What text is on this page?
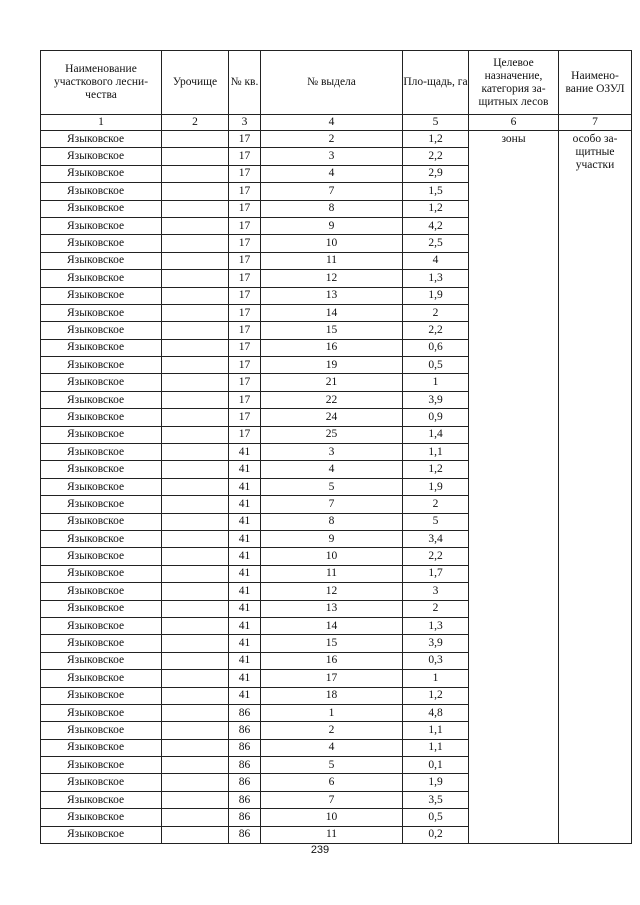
Наименование участкового лесни-чества	Урочище	№ кв.	№ выдела	Пло-щадь, га	Целевое назначение, категория за-щитных лесов	Наимено-вание ОЗУЛ
1	2	3	4	5	6	7
Языковское		17	2	1,2	зоны	особо за-щитные участки
Языковское		17	3	2,2		
Языковское		17	4	2,9		
Языковское		17	7	1,5		
Языковское		17	8	1,2		
Языковское		17	9	4,2		
Языковское		17	10	2,5		
Языковское		17	11	4		
Языковское		17	12	1,3		
Языковское		17	13	1,9		
Языковское		17	14	2		
Языковское		17	15	2,2		
Языковское		17	16	0,6		
Языковское		17	19	0,5		
Языковское		17	21	1		
Языковское		17	22	3,9		
Языковское		17	24	0,9		
Языковское		17	25	1,4		
Языковское		41	3	1,1		
Языковское		41	4	1,2		
Языковское		41	5	1,9		
Языковское		41	7	2		
Языковское		41	8	5		
Языковское		41	9	3,4		
Языковское		41	10	2,2		
Языковское		41	11	1,7		
Языковское		41	12	3		
Языковское		41	13	2		
Языковское		41	14	1,3		
Языковское		41	15	3,9		
Языковское		41	16	0,3		
Языковское		41	17	1		
Языковское		41	18	1,2		
Языковское		86	1	4,8		
Языковское		86	2	1,1		
Языковское		86	4	1,1		
Языковское		86	5	0,1		
Языковское		86	6	1,9		
Языковское		86	7	3,5		
Языковское		86	10	0,5		
Языковское		86	11	0,2		
239
